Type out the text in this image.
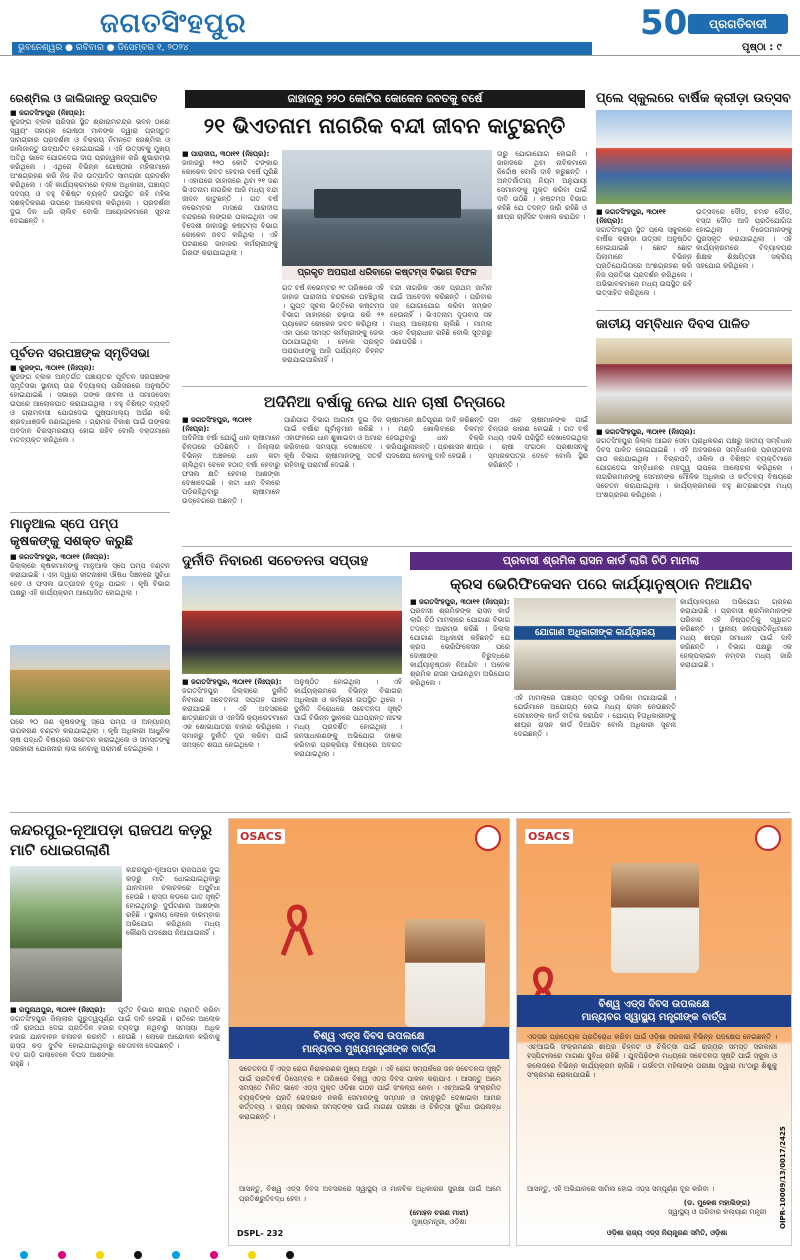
ଜଗତସିଂହପୁର
ଭୁବନେଶ୍ୱର ● ରବିବାର ● ଡିସେମ୍ବର ୧, ୨୦୨୪
50	ପ୍ରଗତିବାଦୀ
ପୃଷ୍ଠା : ୯
ରେଶ୍ମିଲ ଓ ଜାଲିଜାନ୍ତୁ ଉଦ୍‌ଘାଟିତ
■ ଜଗତସିଂହପୁର (ନିଃପ୍ର):
କୁଜଙ୍ଗ ବ୍ଲକ ପରିସର ସ୍ଥିତ ଶ୍ରୀରାମଚନ୍ଦ୍ର ଭବନ ଠାରେ ସ୍ୱୟଂ ସହାୟକ ଗୋଷ୍ଠୀ ମାନଙ୍କ ଦ୍ୱାରା ପ୍ରସ୍ତୁତ ସାମଗ୍ରୀର ପ୍ରଦର୍ଶନୀ ଓ ବିକ୍ରୟ ନିମନ୍ତେ ରେଶ୍ମିଲ ଓ ଜାଲିଜାନ୍ତୁ ଉଦ୍‌ଘାଟିତ ହୋଇଯାଇଛି । ଏହି ଉତ୍ସବକୁ ମୁଖ୍ୟ ଅତିଥି ଭାବେ ଯୋଗଦେଇ ଦୀପ ପ୍ରଜ୍ୱଳନ କରି ଶୁଭାରମ୍ଭ କରିଥିଲେ । ଏଥିରେ ବିଭିନ୍ନ ଗୋଷ୍ଠୀର ମହିଳାମାନେ ଅଂଶଗ୍ରହଣ କରି ନିଜ ନିଜ ଉତ୍ପାଦିତ ସାମଗ୍ରୀ ପ୍ରଦର୍ଶନ କରିଥିଲେ । ଏହି କାର୍ଯ୍ୟକ୍ରମରେ ବ୍ଲକ ଅଧିକାରୀ, ପଞ୍ଚାୟତ ସଦସ୍ୟ ଓ ବହୁ ବିଶିଷ୍ଟ ବ୍ୟକ୍ତି ଉପସ୍ଥିତ ରହି ମହିଳା ସଶକ୍ତିକରଣ ଉପରେ ଆଲୋଚନା କରିଥିଲେ । ପ୍ରଦର୍ଶନୀ ଦୁଇ ଦିନ ଧରି ଚାଲିବ ବୋଲି ଆୟୋଜକମାନେ ସୂଚନା ଦେଇଛନ୍ତି ।
ପୂର୍ବତନ ସରପଞ୍ଚଙ୍କ ସ୍ମୃତିସଭା
■ କୁଜଙ୍ଗ, ୩୦ା୧୧ (ନିଃପ୍ର):
କୁଜଙ୍ଗ ବ୍ଲକ ଅନ୍ତର୍ଗତ ପଞ୍ଚାୟତର ପୂର୍ବତନ ସରପଞ୍ଚଙ୍କ ସ୍ମୃତିସଭା ସ୍ଥାନୀୟ ଉଚ୍ଚ ବିଦ୍ୟାଳୟ ପରିସରରେ ଅନୁଷ୍ଠିତ ହୋଇଯାଇଛି । ସଭାରେ ତାଙ୍କ ଜୀବନୀ ଓ ସମାଜସେବା ଉପରେ ଆଲୋକପାତ କରାଯାଇଥିଲା । ବହୁ ବିଶିଷ୍ଟ ବ୍ୟକ୍ତି ଓ ଗ୍ରାମବାସୀ ଯୋଗଦେଇ ପୁଷ୍ପମାଲ୍ୟ ଅର୍ପଣ କରି ଶ୍ରଦ୍ଧାଞ୍ଜଳି ଜଣାଇଥିଲେ । ଗ୍ରାମର ବିକାଶ ପାଇଁ ତାଙ୍କର ଅବଦାନ ଚିରସ୍ମରଣୀୟ ହୋଇ ରହିବ ବୋଲି ବକ୍ତାମାନେ ମତବ୍ୟକ୍ତ କରିଥିଲେ ।
ମାନୁଆଲ ସ୍ପେ ପମ୍ପ କୃଷକଙ୍କୁ ସଶକ୍ତ କରୁଛି
■ ଜଗତସିଂହପୁର, ୩୦ା୧୧ (ନିଃପ୍ର):
ଜିଲ୍ଲାରେ କୃଷକମାନଙ୍କୁ ମାନୁଆଲ ସ୍ପେ ପମ୍ପ ବଣ୍ଟନ କରାଯାଇଛି । ଏହା ଦ୍ୱାରା କୀଟନାଶକ ଔଷଧ ସିଞ୍ଚନରେ ସୁବିଧା ହେବ ଓ ଫସଲ ଉତ୍ପାଦନ ବୃଦ୍ଧି ପାଇବ । କୃଷି ବିଭାଗ ପକ୍ଷରୁ ଏହି କାର୍ଯ୍ୟକ୍ରମ ଆୟୋଜିତ ହୋଇଥିଲା ।
ପରେ ୨୦ ଜଣ କୃଷକଙ୍କୁ ସ୍ପେ ପମ୍ପ ଓ ଅନ୍ୟାନ୍ୟ ଉପକରଣ ବଣ୍ଟନ କରାଯାଇଥିଲା । କୃଷି ଅଧିକାରୀ ଆଧୁନିକ ଚାଷ ପଦ୍ଧତି ବିଷୟରେ ସଚେତନ କରାଇଥିଲେ ଓ ସମସ୍ତଙ୍କୁ ସରକାରୀ ଯୋଜନାର ଲାଭ ନେବାକୁ ପରାମର୍ଶ ଦେଇଥିଲେ ।
ଜାହାଜରୁ ୨୨୦ କୋଟିର କୋକେନ ଜବତକୁ ବର୍ଷେ
୨୧ ଭିଏତନାମ ନାଗରିକ ବନ୍ଦୀ ଜୀବନ କାଟୁଛନ୍ତି
ପ୍ରକୃତ ଅପରାଧୀ ଧରିବାରେ କଷ୍ଟମ୍ସ ବିଭାଗ ବିଫଳ
■ ପାରାଦୀପ, ୩୦ା୧୧ (ନିଃପ୍ର):
ଜାହାଜରୁ ୨୨୦ କୋଟି ଟଙ୍କାର କୋକେନ ଜବତ ହେବାର ବର୍ଷେ ପୂରିଛି । ଏହାପରେ ଜାହାଜରେ ଥିବା ୨୧ ଜଣ ଭିଏତନାମ ନାଗରିକ ଆଜି ମଧ୍ୟ ବନ୍ଦୀ ଜୀବନ କାଟୁଛନ୍ତି । ଗତ ବର୍ଷ ନଭେମ୍ବର ମାସରେ ପାରାଦୀପ ବନ୍ଦରରେ ଲଙ୍ଗର ପକାଇଥିବା ଏକ ବିଦେଶୀ ଜାହାଜରୁ କଷ୍ଟମ୍ସ ବିଭାଗ କୋକେନ ଜବତ କରିଥିଲା । ଏହି ଘଟଣାରେ ଜାହାଜର କର୍ମଚାରୀଙ୍କୁ ଗିରଫ କରାଯାଇଥିଲା ।
ଗତ ବର୍ଷ ନଭେମ୍ବର ୨୯ ତାରିଖରେ ଏହି ଜାହାଜ ପାରାଦୀପ ବନ୍ଦରରେ ପହଞ୍ଚିଥିଲା । ଗୁପ୍ତ ସୂଚନା ଭିତ୍ତିରେ କଷ୍ଟମ୍ସ ବିଭାଗ ଜାହାଜରେ ଚଢ଼ାଉ କରି ୨୨ ପ୍ୟାକେଟ କୋକେନ ଜବତ କରିଥିଲା । ଏହା ପରେ ସମସ୍ତ କର୍ମଚାରୀଙ୍କୁ ଜେଲ ପଠାଯାଇଥିଲା । ହେଲେ ପ୍ରକୃତ ଅପରାଧୀଙ୍କୁ ଆଜି ପର୍ଯ୍ୟନ୍ତ ଚିହ୍ନଟ କରାଯାଇପାରିନାହିଁ ।
ବନ୍ଦୀ ନାଗରିକ ଏବେ ପ୍ରଥମ ଜାମିନ ପାଇଁ ଆବେଦନ କରିଛନ୍ତି । ପରିବାର ସହ ଯୋଗାଯୋଗ କରିବା ସମ୍ଭବ ହେଉନାହିଁ । ଭିଏତନାମ ଦୂତାବାସ ସହ ମଧ୍ୟ ଆଲୋଚନା ଚାଲିଛି । ମାମଲା ଏବେ ବିଚାରାଧୀନ ରହିଛି ବୋଲି ସୂତ୍ରରୁ ଜଣାପଡ଼ିଛି ।
ତାରୁ ଯୋଗାଯୋଗ ହୋଇନି । ଜାହାଜରେ ଥିବା ନାବିକମାନେ ନିର୍ଦ୍ଦୋଷ ବୋଲି ଦାବି କରୁଛନ୍ତି । ଅନ୍ତର୍ଜାତୀୟ ନିୟମ ଅନୁଯାୟୀ ସେମାନଙ୍କୁ ମୁକ୍ତ କରିବା ପାଇଁ ଦାବି ଉଠିଛି । କଷ୍ଟମ୍ସ ବିଭାଗ କହିଛି ଯେ ତଦନ୍ତ ଜାରି ରହିଛି ଓ ଶୀଘ୍ର ଚାର୍ଜସିଟ ଦାଖଲ କରାଯିବ ।
ଅଦିନିଆ ବର୍ଷାକୁ ନେଇ ଧାନ ଚାଷୀ ଚିନ୍ତାରେ
■ ଜଗତସିଂହପୁର, ୩୦ା୧୧ (ନିଃପ୍ର):
ଅଦିନିଆ ବର୍ଷା ଯୋଗୁଁ ଧାନ ଚାଷୀମାନେ ଚିନ୍ତାରେ ପଡ଼ିଛନ୍ତି । ଜିଲ୍ଲାର ବିଭିନ୍ନ ଅଞ୍ଚଳରେ ଧାନ କଟା ଚାଲିଥିବା ବେଳେ ହଠାତ୍ ବର୍ଷା ହେବାରୁ ଫସଲ କ୍ଷତି ହେବାର ଆଶଙ୍କା ଦେଖାଦେଇଛି । କଟା ଧାନ ବିଲରେ ପଡ଼ିରହିଥିବାରୁ ଚାଷୀମାନେ ଉଦ୍‌ବେଗରେ ଅଛନ୍ତି ।
ପାଣିପାଗ ବିଭାଗ ଆଗାମୀ ଦୁଇ ଦିନ ପାଇଁ ବର୍ଷାର ପୂର୍ବାନୁମାନ କରିଛି । ଏହାଫଳରେ ଧାନ ଶୁଖାଇବା ଓ ଅମାର କରିବାରେ ସମସ୍ୟା ଦେଖାଦେବ । କୃଷି ବିଭାଗ ଚାଷୀମାନଙ୍କୁ ସତର୍କ ରହିବାକୁ ପରାମର୍ଶ ଦେଇଛି ।
ଚାଷୀମାନେ କ୍ଷତିପୂରଣ ଦାବି କରିଛନ୍ତି । ମଣ୍ଡି ଖୋଲିବାରେ ବିଳମ୍ବ ହେଉଥିବାରୁ ଧାନ ବିକ୍ରି କରିପାରୁନାହାନ୍ତି । ପ୍ରଶାସନ ଶୀଘ୍ର ପଦକ୍ଷେପ ନେବାକୁ ଦାବି ହେଉଛି ।
ତାହା ଏବେ ଚାଷୀମାନଙ୍କ ପାଇଁ ଚିନ୍ତାର କାରଣ ହୋଇଛି । ଗତ ବର୍ଷ ମଧ୍ୟ ଏଭଳି ପରିସ୍ଥିତି ଦେଖାଦେଇଥିଲା । ଚାଷୀ ସଂଗଠନ ପ୍ରଶାସନକୁ ସ୍ମାରକପତ୍ର ଦେବେ ବୋଲି ସ୍ଥିର କରିଛନ୍ତି ।
ପ୍ଲେ ସ୍କୁଲରେ ବାର୍ଷିକ କ୍ରୀଡ଼ା ଉତ୍ସବ
■ ଜଗତସିଂହପୁର, ୩୦ା୧୧ (ନିଃପ୍ର):
ଜଗତସିଂହପୁର ସ୍ଥିତ ପ୍ଲେ ସ୍କୁଲରେ ବାର୍ଷିକ କ୍ରୀଡ଼ା ଉତ୍ସବ ଅନୁଷ୍ଠିତ ହୋଇଯାଇଛି । ଛୋଟ ଛୋଟ ପିଲାମାନେ ବିଭିନ୍ନ ପ୍ରତିଯୋଗିତାରେ ଅଂଶଗ୍ରହଣ କରି ନିଜ ପ୍ରତିଭା ପ୍ରଦର୍ଶନ କରିଥିଲେ । ଅଭିଭାବକମାନେ ମଧ୍ୟ ଉପସ୍ଥିତ ରହି ଉତ୍ସାହିତ କରିଥିଲେ ।
ଉତ୍ସବରେ ଦୌଡ଼, ଚମଚ ଦୌଡ଼, ବସ୍ତା ଦୌଡ଼ ଆଦି ପ୍ରତିଯୋଗିତା ହୋଇଥିଲା । ବିଜେତାମାନଙ୍କୁ ପୁରସ୍କୃତ କରାଯାଇଥିଲା । ଏହି କାର୍ଯ୍ୟକ୍ରମରେ ବିଦ୍ୟାଳୟର ଶିକ୍ଷକ ଶିକ୍ଷୟିତ୍ରୀ ସକ୍ରିୟ ସହଯୋଗ କରିଥିଲେ ।
ଜାତୀୟ ସମ୍ବିଧାନ ଦିବସ ପାଳିତ
■ ଜଗତସିଂହପୁର, ୩୦ା୧୧ (ନିଃପ୍ର):
ଜଗତସିଂହପୁର ଜିଲ୍ଲା ଆଇନ ସେବା ପ୍ରାଧିକରଣ ପକ୍ଷରୁ ଜାତୀୟ ସମ୍ବିଧାନ ଦିବସ ପାଳିତ ହୋଇଯାଇଛି । ଏହି ଅବସରରେ ସମ୍ବିଧାନର ପ୍ରସ୍ତାବନା ପାଠ କରାଯାଇଥିଲା । ବିଚାରପତି, ଓକିଲ ଓ ବିଶିଷ୍ଟ ବ୍ୟକ୍ତିମାନେ ଯୋଗଦେଇ ସମ୍ବିଧାନର ମହତ୍ତ୍ୱ ଉପରେ ଆଲୋଚନା କରିଥିଲେ । ନାଗରିକମାନଙ୍କୁ ସେମାନଙ୍କ ମୌଳିକ ଅଧିକାର ଓ କର୍ତ୍ତବ୍ୟ ବିଷୟରେ ସଚେତନ କରାଯାଇଥିଲା । କାର୍ଯ୍ୟକ୍ରମରେ ବହୁ ଛାତ୍ରଛାତ୍ରୀ ମଧ୍ୟ ଅଂଶଗ୍ରହଣ କରିଥିଲେ ।
ଦୁର୍ନୀତି ନିବାରଣ ସଚେତନତା ସପ୍ତାହ
■ ଜଗତସିଂହପୁର, ୩୦ା୧୧ (ନିଃପ୍ର):
ଜଗତସିଂହପୁର ଜିଲ୍ଲାରେ ଦୁର୍ନୀତି ନିବାରଣ ସଚେତନତା ସପ୍ତାହ ପାଳନ କରାଯାଇଛି । ଏହି ଅବସରରେ ଛାତ୍ରଛାତ୍ରୀ ଓ ଏନସିସି କ୍ୟାଡେଟମାନେ ଏକ ଶୋଭାଯାତ୍ରା ବାହାର କରିଥିଲେ । ସମାଜରୁ ଦୁର୍ନୀତି ଦୂର କରିବା ପାଇଁ ସମସ୍ତେ ଶପଥ ନେଇଥିଲେ ।
ଅନୁଷ୍ଠିତ ହୋଇଥିଲା । ଏହି କାର୍ଯ୍ୟକ୍ରମରେ ବିଭିନ୍ନ ବିଭାଗର ଅଧିକାରୀ ଓ କର୍ମଚାରୀ ଉପସ୍ଥିତ ଥିଲେ । ଦୁର୍ନୀତି ବିରୋଧରେ ସଚେତନତା ସୃଷ୍ଟି ପାଇଁ ବିଭିନ୍ନ ସ୍ଥାନରେ ପଥପ୍ରାନ୍ତ ନାଟକ ମଧ୍ୟ ପ୍ରଦର୍ଶିତ ହୋଇଥିଲା । ଜନସାଧାରଣଙ୍କୁ ଅଭିଯୋଗ ଦାଖଲ କରିବାର ପ୍ରକ୍ରିୟା ବିଷୟରେ ଅବଗତ କରାଯାଇଥିଲା ।
ପ୍ରବାସୀ ଶ୍ରମିକ ରାସନ କାର୍ଡ ଲାଗି ଚିଠି ମାମଲା
କ୍ରସ ଭେରିଫିକେସନ ପରେ କାର୍ଯ୍ୟାନୁଷ୍ଠାନ ନିଆଯିବ
■ ଜଗତସିଂହପୁର, ୩୦ା୧୧ (ନିଃପ୍ର):
ପ୍ରବାସୀ ଶ୍ରମିକଙ୍କ ରାସନ କାର୍ଡ ଲାଗି ଚିଠି ମାମଲାରେ ଯୋଗାଣ ବିଭାଗ ତଦନ୍ତ ଆରମ୍ଭ କରିଛି । ଜିଲ୍ଲା ଯୋଗାଣ ଅଧିକାରୀ କହିଛନ୍ତି ଯେ କ୍ରସ ଭେରିଫିକେସନ ପରେ ଦୋଷୀଙ୍କ ବିରୁଦ୍ଧରେ କାର୍ଯ୍ୟାନୁଷ୍ଠାନ ନିଆଯିବ । ଅନେକ ଶ୍ରମିକ ରାସନ ପାଉନଥିବା ଅଭିଯୋଗ କରିଥିଲେ ।
ଯୋଗାଣ ଅଧିକାରୀଙ୍କ କାର୍ଯ୍ୟାଳୟ
ଏହି ମାମଲାରେ ପଞ୍ଚାୟତ ସ୍ତରରୁ ତାଲିକା ମଗାଯାଇଛି । ଯେଉଁମାନେ ଅଯୋଗ୍ୟ ହୋଇ ମଧ୍ୟ ରାସନ ନେଉଛନ୍ତି ସେମାନଙ୍କ କାର୍ଡ ବାତିଲ କରାଯିବ । ଯୋଗ୍ୟ ହିତାଧିକାରୀଙ୍କୁ ଶୀଘ୍ର ରାସନ କାର୍ଡ ଦିଆଯିବ ବୋଲି ଅଧିକାରୀ ସୂଚନା ଦେଇଛନ୍ତି ।
କାର୍ଯ୍ୟାଳୟରେ ଅଭିଯୋଗ ଗ୍ରହଣ କରାଯାଉଛି । ପ୍ରବାସୀ ଶ୍ରମିକମାନଙ୍କ ପରିବାର ଏହି ନିଷ୍ପତ୍ତିକୁ ସ୍ୱାଗତ କରିଛନ୍ତି । ସ୍ଥାନୀୟ ଜନପ୍ରତିନିଧିମାନେ ମଧ୍ୟ ଶୀଘ୍ର ସମାଧାନ ପାଇଁ ଦାବି କରିଛନ୍ତି । ବିଭାଗ ପକ୍ଷରୁ ଏକ ହେଲ୍ପଲାଇନ ନମ୍ବର ମଧ୍ୟ ଜାରି କରାଯାଇଛି ।
କନ୍ଦରପୁର-ନୂଆପଡ଼ା ରାଜପଥ କଡ଼ରୁ ମାଟି ଧୋଇଗଲାଣି
କନ୍ଦରପୁର-ନୂଆପଡ଼ା ରାଜପଥର ଦୁଇ କଡ଼ରୁ ମାଟି ଧୋଇଯାଇଥିବାରୁ ଯାନବାହନ ଚଳାଚଳରେ ଅସୁବିଧା ହେଉଛି । ରାସ୍ତା କଡ଼ରେ ଗାତ ସୃଷ୍ଟି ହୋଇଥିବାରୁ ଦୁର୍ଘଟଣାର ଆଶଙ୍କା ରହିଛି । ସ୍ଥାନୀୟ ଲୋକେ ବାରମ୍ବାର ଅଭିଯୋଗ କରିଥିଲେ ମଧ୍ୟ କୌଣସି ପଦକ୍ଷେପ ନିଆଯାଇନାହିଁ ।
■ ରଘୁନାଥପୁର, ୩୦ା୧୧ (ନିଃପ୍ର):
ଜଗତସିଂହପୁର ଜିଲ୍ଲାର ଗୁରୁତ୍ୱପୂର୍ଣ୍ଣ ଏହି ରାଜପଥ ଦେଇ ପ୍ରତିଦିନ ହଜାର ହଜାର ଯାନବାହନ ଚଳାଚଳ କରନ୍ତି । ରାସ୍ତା କଡ଼ ଦୁର୍ବଳ ହୋଇଯାଇଥିବାରୁ ବଡ଼ ଗାଡ଼ି ଗଲାବେଳେ ବିପଦ ଆଶଙ୍କା ରହୁଛି ।
ପୂର୍ତ୍ତ ବିଭାଗ ଶୀଘ୍ର ମରାମତି କରିବା ପାଇଁ ଦାବି ହେଉଛି । ରାତିରେ ଆଲୋକ ବ୍ୟବସ୍ଥା ନଥିବାରୁ ସମସ୍ୟା ଅଧିକ ହେଉଛି । ଲୋକେ ଆନ୍ଦୋଳନ କରିବାକୁ ଚେତାବନୀ ଦେଇଛନ୍ତି ।
OSACS
ବିଶ୍ୱ ଏଡ୍‌ସ ଦିବସ ଉପଲକ୍ଷେ
ମାନ୍ୟବର ମୁଖ୍ୟମନ୍ତ୍ରୀଙ୍କ ବାର୍ତ୍ତା
ସଚେତନତା ହିଁ ଏଡ୍‌ସ ରୋଗ ନିରାକରଣର ମୁଖ୍ୟ ଅସ୍ତ୍ର । ଏହି ରୋଗ ସମ୍ପର୍କରେ ଜନ ସଚେତନତା ସୃଷ୍ଟି ପାଇଁ ପ୍ରତିବର୍ଷ ଡିସେମ୍ବର ୧ ତାରିଖରେ ବିଶ୍ୱ ଏଡ୍‌ସ ଦିବସ ପାଳନ କରାଯାଏ । ଆସନ୍ତୁ ଆମେ ସମସ୍ତେ ମିଳିତ ଭାବେ ଏଡ୍‌ସ ମୁକ୍ତ ଓଡ଼ିଶା ଗଠନ ପାଇଁ ସଂକଳ୍ପ ନେବା । ଏଚ୍‌ଆଇଭି ସଂକ୍ରମିତ ବ୍ୟକ୍ତିଙ୍କ ପ୍ରତି ଭେଦଭାବ ନକରି ସେମାନଙ୍କୁ ସମ୍ମାନ ଓ ସହାନୁଭୂତି ଦେଖାଇବା ଆମର କର୍ତ୍ତବ୍ୟ । ରାଜ୍ୟ ସରକାର ସମସ୍ତଙ୍କ ପାଇଁ ମାଗଣା ପରୀକ୍ଷା ଓ ଚିକିତ୍ସା ସୁବିଧା ଉପଲବ୍ଧ କରାଇଛନ୍ତି ।
ଆସନ୍ତୁ, ବିଶ୍ୱ ଏଡ୍‌ସ ଦିବସ ଅବସରରେ ସ୍ୱାସ୍ଥ୍ୟ ଓ ମାନବିକ ଅଧିକାରର ସୁରକ୍ଷା ପାଇଁ ଆମେ ପ୍ରତିଶ୍ରୁତିବଦ୍ଧ ହେବା ।
(ମୋହନ ଚରଣ ମାଝୀ)
ମୁଖ୍ୟମନ୍ତ୍ରୀ, ଓଡ଼ିଶା
DSPL- 232
OSACS
ବିଶ୍ୱ ଏଡ୍‌ସ ଦିବସ ଉପଲକ୍ଷେ
ମାନ୍ୟବର ସ୍ୱାସ୍ଥ୍ୟ ମନ୍ତ୍ରୀଙ୍କ ବାର୍ତ୍ତା
ଏଡ୍‌ସର ପ୍ରତ୍ୟେକ ପ୍ରତିରୋଧ କରିବା ପାଇଁ ଓଡ଼ିଶା ସରକାର ବିଭିନ୍ନ ପଦକ୍ଷେପ ନେଇଛନ୍ତି । ଏଚ୍‌ଆଇଭି ସଂକ୍ରମଣର ଶୀଘ୍ର ଚିହ୍ନଟ ଓ ଚିକିତ୍ସା ପାଇଁ ରାଜ୍ୟର ସମସ୍ତ ସରକାରୀ ହସ୍ପିଟାଲରେ ମାଗଣା ସୁବିଧା ରହିଛି । ଯୁବପିଢ଼ିଙ୍କ ମଧ୍ୟରେ ସଚେତନତା ସୃଷ୍ଟି ପାଇଁ ସ୍କୁଲ ଓ କଲେଜରେ ବିଭିନ୍ନ କାର୍ଯ୍ୟକ୍ରମ ଚାଲିଛି । ଗର୍ଭବତୀ ମହିଳାଙ୍କ ପରୀକ୍ଷା ଦ୍ୱାରା ମା'ଠାରୁ ଶିଶୁକୁ ସଂକ୍ରମଣ ରୋକାଯାଉଛି ।
ଆସନ୍ତୁ, ଏହି ଅଭିଯାନରେ ସାମିଲ ହୋଇ ଏଡ୍‌ସ ସମ୍ପୂର୍ଣ୍ଣ ଦୂର କରିବା ।
(ଡ. ମୁକେଶ ମହାଲିଙ୍ଗ)
ସ୍ୱାସ୍ଥ୍ୟ ଓ ପରିବାର କଲ୍ୟାଣ ମନ୍ତ୍ରୀ
ଓଡ଼ିଶା ରାଜ୍ୟ ଏଡ୍‌ସ ନିୟନ୍ତ୍ରଣ ସମିତି, ଓଡ଼ିଶା
OIPR-10009/13/0017/2425
